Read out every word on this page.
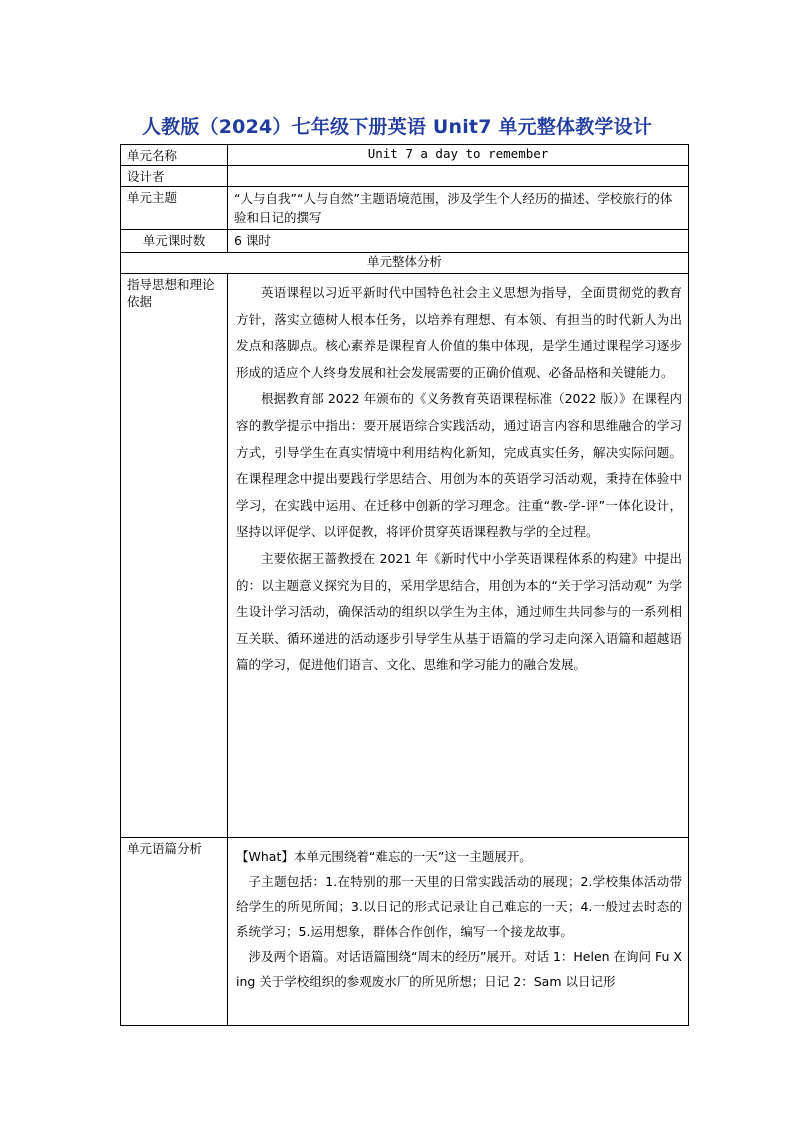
人教版（2024）七年级下册英语 Unit7 单元整体教学设计
单元名称	Unit 7 a day to remember
设计者	
单元主题	“人与自我”“人与自然”主题语境范围，涉及学生个人经历的描述、学校旅行的体验和日记的撰写
单元课时数	6 课时
单元整体分析	
指导思想和理论依据	英语课程以习近平新时代中国特色社会主义思想为指导，全面贯彻党的教育方针，落实立德树人根本任务，以培养有理想、有本领、有担当的时代新人为出发点和落脚点。核心素养是课程育人价值的集中体现，是学生通过课程学习逐步形成的适应个人终身发展和社会发展需要的正确价值观、必备品格和关键能力。

根据教育部 2022 年颁布的《义务教育英语课程标准（2022 版）》在课程内容的教学提示中指出：要开展语综合实践活动，通过语言内容和思维融合的学习方式，引导学生在真实情境中利用结构化新知，完成真实任务，解决实际问题。在课程理念中提出要践行学思结合、用创为本的英语学习活动观，秉持在体验中学习，在实践中运用、在迁移中创新的学习理念。注重“教-学-评”一体化设计，坚持以评促学、以评促教，将评价贯穿英语课程教与学的全过程。

主要依据王蔷教授在 2021 年《新时代中小学英语课程体系的构建》中提出的：以主题意义探究为目的，采用学思结合，用创为本的“关于学习活动观” 为学生设计学习活动，确保活动的组织以学生为主体，通过师生共同参与的一系列相互关联、循环递进的活动逐步引导学生从基于语篇的学习走向深入语篇和超越语篇的学习，促进他们语言、文化、思维和学习能力的融合发展。

单元语篇分析	【What】本单元围绕着“难忘的一天”这一主题展开。

子主题包括：1.在特别的那一天里的日常实践活动的展现；2.学校集体活动带给学生的所见所闻；3.以日记的形式记录让自己难忘的一天；4.一般过去时态的系统学习；5.运用想象，群体合作创作，编写一个接龙故事。

涉及两个语篇。对话语篇围绕“周末的经历”展开。对话 1：Helen 在询问 Fu Xing 关于学校组织的参观废水厂的所见所想；日记 2：Sam 以日记形
